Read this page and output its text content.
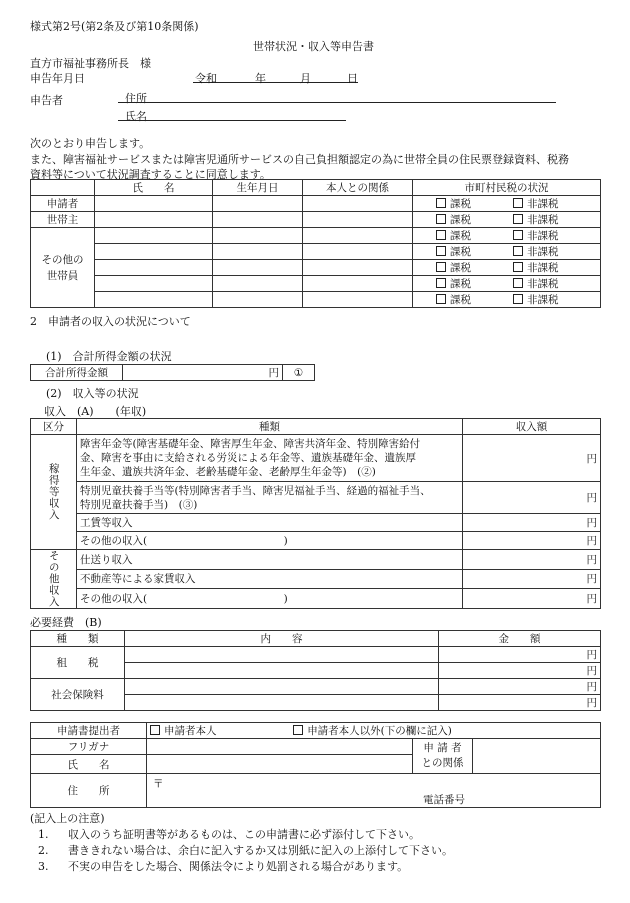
様式第2号(第2条及び第10条関係)
世帯状況・収入等申告書
直方市福祉事務所長　様
申告年月日	令和	年	月	日
申告者	住所
氏名
次のとおり申告します。
また、障害福祉サービスまたは障害児通所サービスの自己負担額認定の為に世帯全員の住民票登録資料、税務
資料等について状況調査することに同意します。
	氏　　名	生年月日	本人との関係	市町村民税の状況
申請者				課税 非課税
世帯主				課税 非課税
その他の
世帯員				課税 非課税
				課税 非課税
				課税 非課税
				課税 非課税
				課税 非課税
2　申請者の収入の状況について
(1)　合計所得金額の状況
合計所得金額	円	①
(2)　収入等の状況
収入　(A)　　(年収)
区分	種類	収入額

稼得等収入	障害年金等(障害基礎年金、障害厚生年金、障害共済年金、特別障害給付
金、障害を事由に支給される労災による年金等、遺族基礎年金、遺族厚
生年金、遺族共済年金、老齢基礎年金、老齢厚生年金等)　(②)	円
	特別児童扶養手当等(特別障害者手当、障害児福祉手当、経過的福祉手当、
特別児童扶養手当)　(③)	円
	工賃等収入	円
	その他の収入(　　　　　　　　　　　　　)	円

その他収入	仕送り収入	円
	不動産等による家賃収入	円
	その他の収入(　　　　　　　　　　　　　)	円
必要経費　(B)
種　　類	内　　容	金　　額
租　　税		円
		円
社会保険料		円
		円
申請書提出者	申請者本人 申請者本人以外(下の欄に記入)		
フリガナ		申 請 者
との関係	
氏　　名			
住　　所	〒
電話番号		
(記入上の注意)
1. 収入のうち証明書等があるものは、この申請書に必ず添付して下さい。
2. 書ききれない場合は、余白に記入するか又は別紙に記入の上添付して下さい。
3. 不実の申告をした場合、関係法令により処罰される場合があります。
